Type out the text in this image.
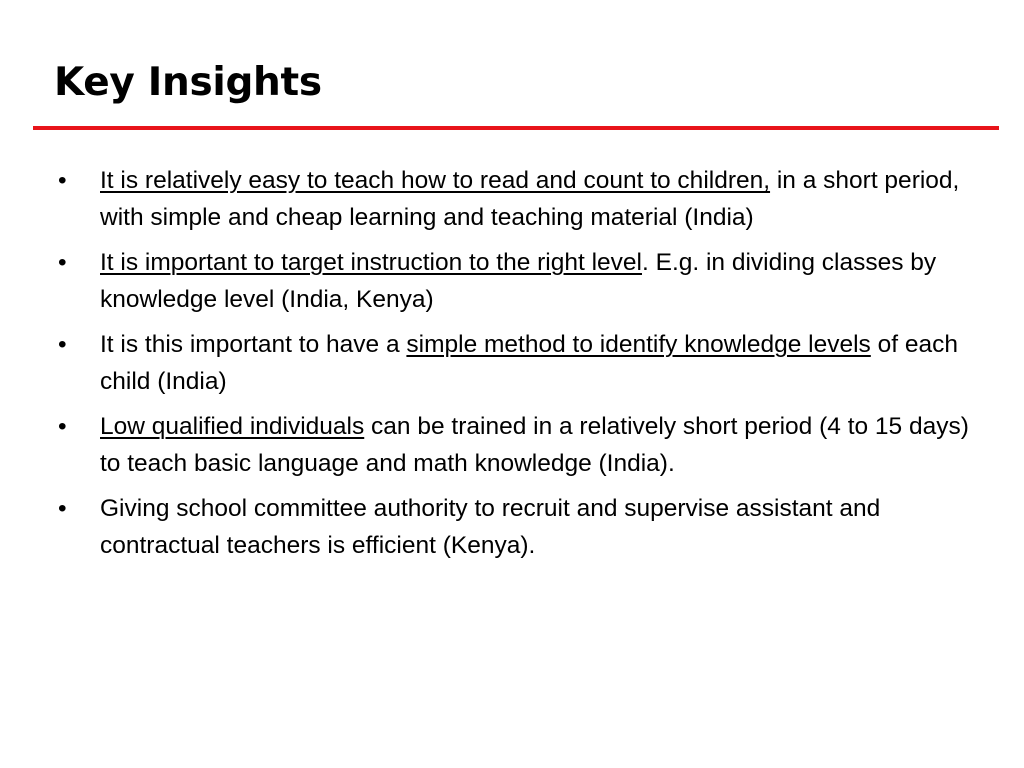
Key Insights
•	It is relatively easy to teach how to read and count to children, in a short period, with simple and cheap learning and teaching material (India)
•	It is important to target instruction to the right level. E.g. in dividing classes by knowledge level (India, Kenya)
•	It is this important to have a simple method to identify knowledge levels of each child (India)
•	Low qualified individuals can be trained in a relatively short period (4 to 15 days) to teach basic language and math knowledge (India).
•	Giving school committee authority to recruit and supervise assistant and contractual teachers is efficient (Kenya).
